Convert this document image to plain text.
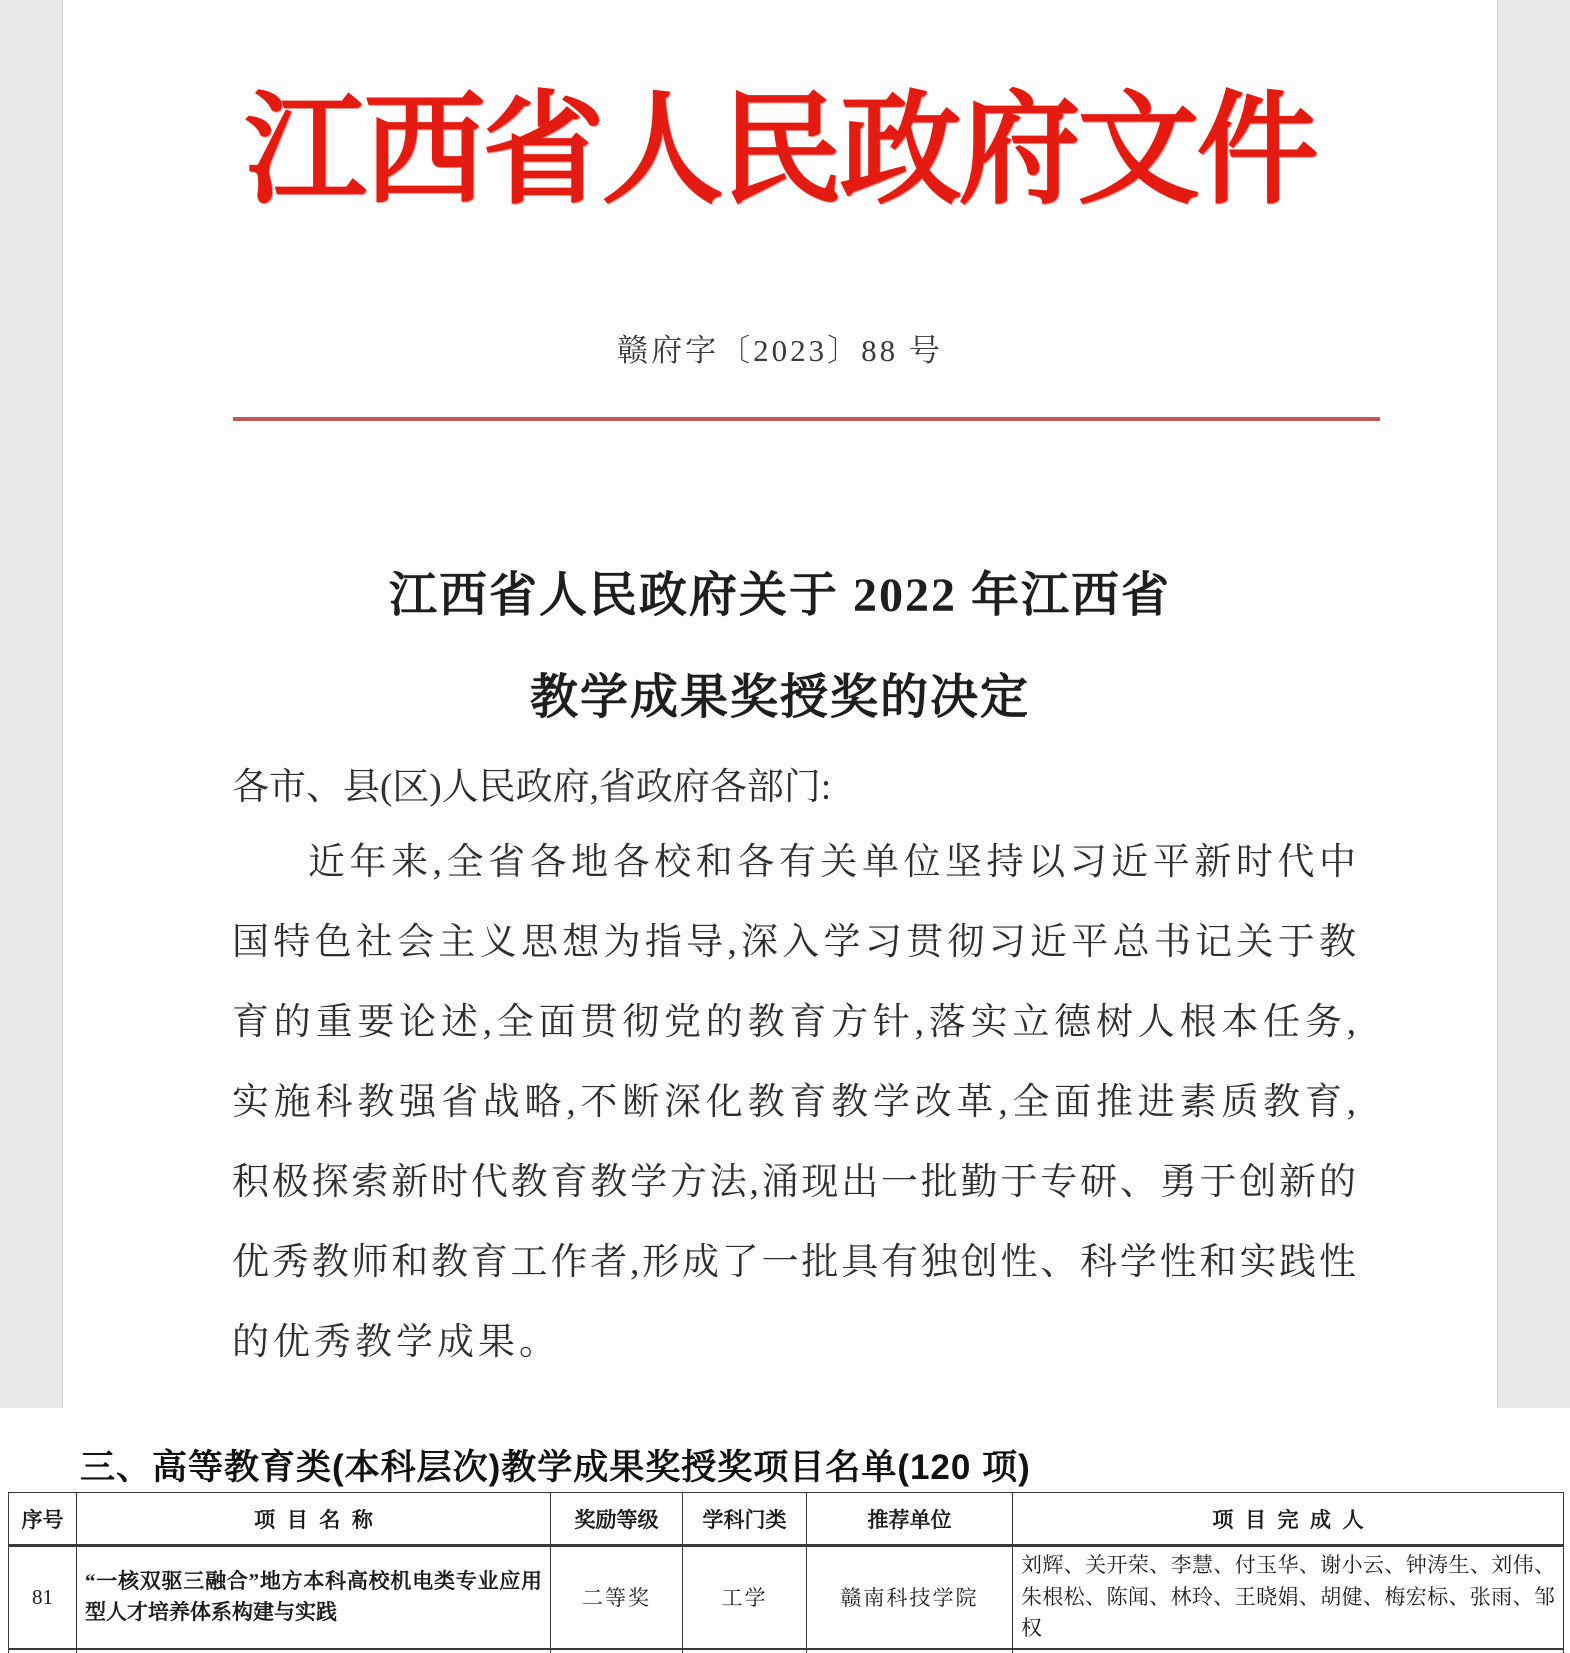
江西省人民政府文件
赣府字〔2023〕88 号
江西省人民政府关于 2022 年江西省
教学成果奖授奖的决定
各市、县(区)人民政府,省政府各部门:
近年来,全省各地各校和各有关单位坚持以习近平新时代中
国特色社会主义思想为指导,深入学习贯彻习近平总书记关于教
育的重要论述,全面贯彻党的教育方针,落实立德树人根本任务,
实施科教强省战略,不断深化教育教学改革,全面推进素质教育,
积极探索新时代教育教学方法,涌现出一批勤于专研、勇于创新的
优秀教师和教育工作者,形成了一批具有独创性、科学性和实践性
的优秀教学成果。
三、高等教育类(本科层次)教学成果奖授奖项目名单(120 项)
序号	项目名称	奖励等级	学科门类	推荐单位	项目完成人
81	“一核双驱三融合”地方本科高校机电类专业应用型人才培养体系构建与实践	二等奖	工学	赣南科技学院	刘辉、关开荣、李慧、付玉华、谢小云、钟涛生、刘伟、朱根松、陈闻、林玲、王晓娟、胡健、梅宏标、张雨、邹权
